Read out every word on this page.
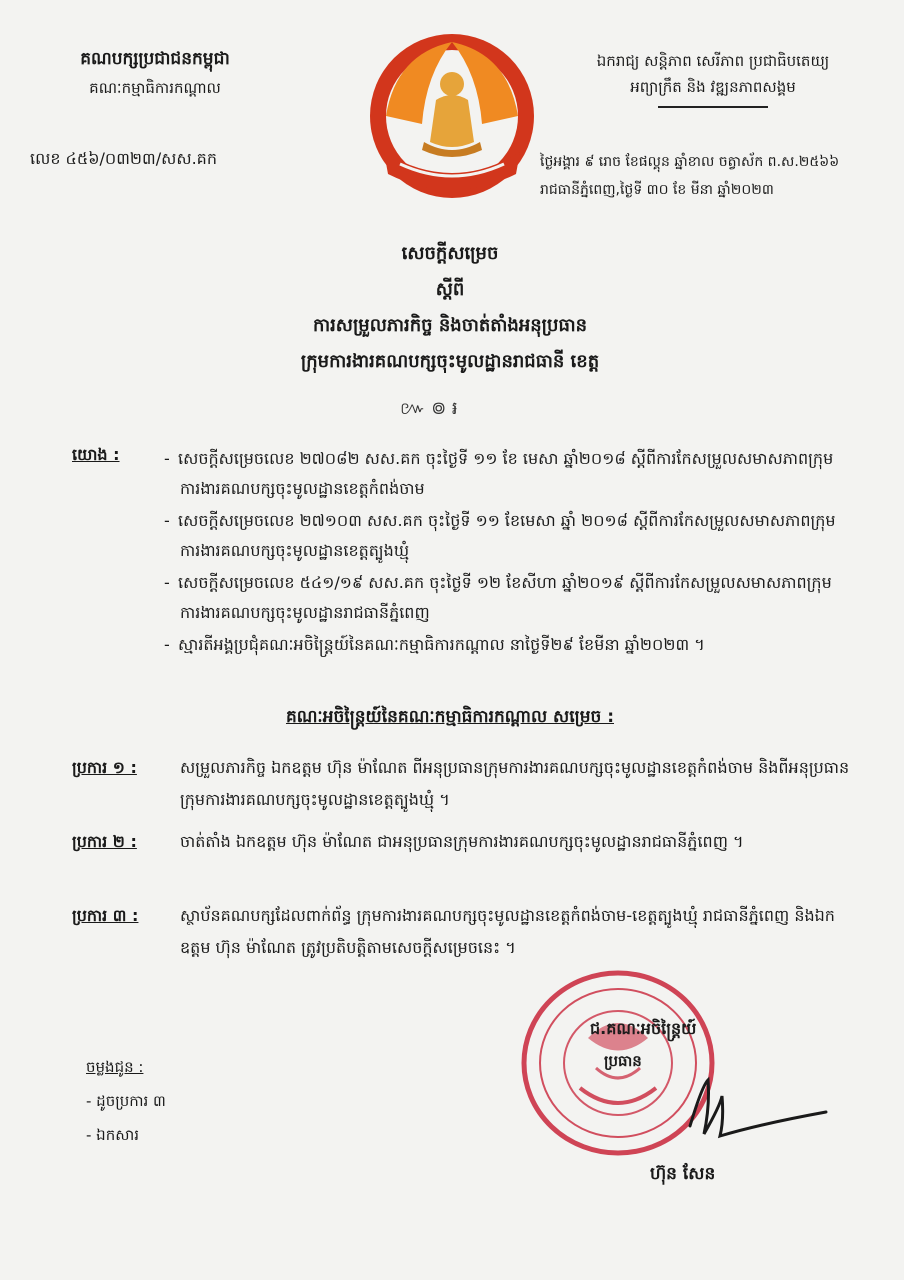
គណបក្សប្រជាជនកម្ពុជា
គណៈកម្មាធិការកណ្តាល
លេខ ៤៥៦/០៣២៣/សស.គក
ឯករាជ្យ សន្តិភាព សេរីភាព ប្រជាធិបតេយ្យ
អព្យាក្រឹត និង វឌ្ឍនភាពសង្គម
ថ្ងៃអង្គារ ៩ រោច ខែផល្គុន ឆ្នាំខាល ចត្វាស័ក ព.ស.២៥៦៦
រាជធានីភ្នំពេញ,ថ្ងៃទី ៣០ ខែ មីនា ឆ្នាំ២០២៣
សេចក្តីសម្រេច
ស្តីពី
ការសម្រួលភារកិច្ច និងចាត់តាំងអនុប្រធាន
ក្រុមការងារគណបក្សចុះមូលដ្ឋានរាជធានី ខេត្ត
៚ ៙ ៛
យោង :	- សេចក្តីសម្រេចលេខ ២៧០៨២ សស.គក ចុះថ្ងៃទី ១១ ខែ មេសា ឆ្នាំ២០១៨ ស្តីពីការកែសម្រួលសមាសភាពក្រុមការងារគណបក្សចុះមូលដ្ឋានខេត្តកំពង់ចាម
- សេចក្តីសម្រេចលេខ ២៧១០៣ សស.គក ចុះថ្ងៃទី ១១ ខែមេសា ឆ្នាំ ២០១៨ ស្តីពីការកែសម្រួលសមាសភាពក្រុមការងារគណបក្សចុះមូលដ្ឋានខេត្តត្បូងឃ្មុំ
- សេចក្តីសម្រេចលេខ ៥៤១/១៩ សស.គក ចុះថ្ងៃទី ១២ ខែសីហា ឆ្នាំ២០១៩ ស្តីពីការកែសម្រួលសមាសភាពក្រុមការងារគណបក្សចុះមូលដ្ឋានរាជធានីភ្នំពេញ
- ស្មារតីអង្គប្រជុំគណៈអចិន្ត្រៃយ៍នៃគណៈកម្មាធិការកណ្តាល នាថ្ងៃទី២៩ ខែមីនា ឆ្នាំ២០២៣ ។
គណៈអចិន្ត្រៃយ៍នៃគណៈកម្មាធិការកណ្តាល សម្រេច :
ប្រការ ១ :	សម្រួលភារកិច្ច ឯកឧត្តម ហ៊ុន ម៉ាណែត ពីអនុប្រធានក្រុមការងារគណបក្សចុះមូលដ្ឋានខេត្តកំពង់ចាម និងពីអនុប្រធានក្រុមការងារគណបក្សចុះមូលដ្ឋានខេត្តត្បូងឃ្មុំ ។
ប្រការ ២ :	ចាត់តាំង ឯកឧត្តម ហ៊ុន ម៉ាណែត ជាអនុប្រធានក្រុមការងារគណបក្សចុះមូលដ្ឋានរាជធានីភ្នំពេញ ។
ប្រការ ៣ :	ស្ថាប័នគណបក្សដែលពាក់ព័ន្ធ ក្រុមការងារគណបក្សចុះមូលដ្ឋានខេត្តកំពង់ចាម-ខេត្តត្បូងឃ្មុំ រាជធានីភ្នំពេញ និងឯកឧត្តម ហ៊ុន ម៉ាណែត ត្រូវប្រតិបត្តិតាមសេចក្តីសម្រេចនេះ ។
ចម្លងជូន :
- ដូចប្រការ ៣
- ឯកសារ
ជ.គណៈអចិន្ត្រៃយ៍
ប្រធាន
ហ៊ុន សែន
